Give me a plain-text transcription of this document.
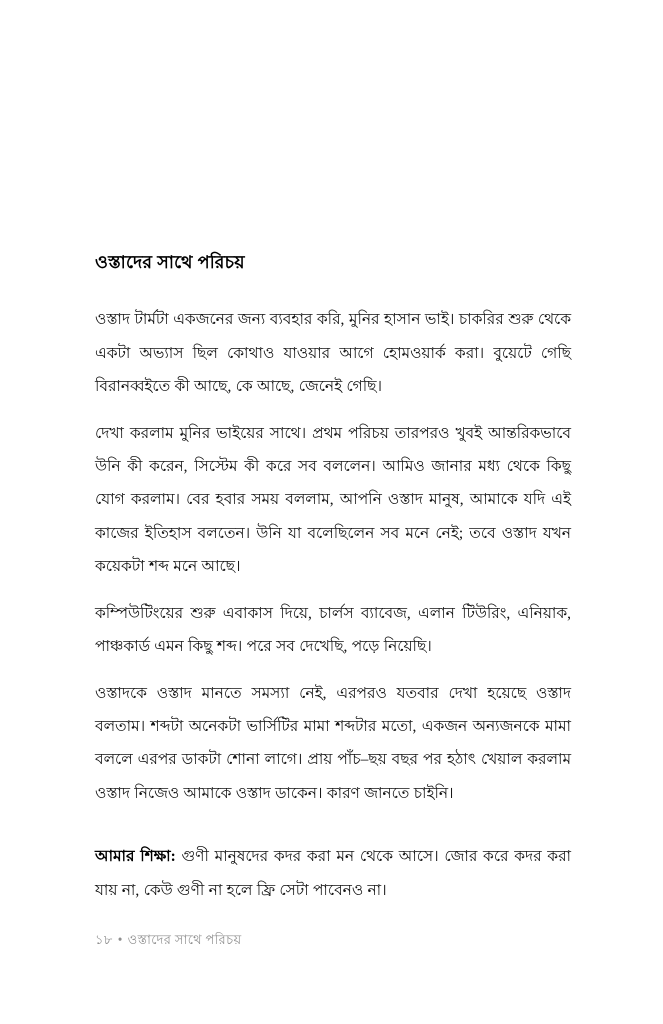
ওস্তাদের সাথে পরিচয়

ওস্তাদ টার্মটা একজনের জন্য ব্যবহার করি, মুনির হাসান ভাই। চাকরির শুরু থেকে একটা অভ্যাস ছিল কোথাও যাওয়ার আগে হোমওয়ার্ক করা। বুয়েটে গেছি বিরানব্বইতে কী আছে, কে আছে, জেনেই গেছি।

দেখা করলাম মুনির ভাইয়ের সাথে। প্রথম পরিচয় তারপরও খুবই আন্তরিকভাবে উনি কী করেন, সিস্টেম কী করে সব বললেন। আমিও জানার মধ্য থেকে কিছু যোগ করলাম। বের হবার সময় বললাম, আপনি ওস্তাদ মানুষ, আমাকে যদি এই কাজের ইতিহাস বলতেন। উনি যা বলেছিলেন সব মনে নেই; তবে ওস্তাদ যখন কয়েকটা শব্দ মনে আছে।

কম্পিউটিংয়ের শুরু এবাকাস দিয়ে, চার্লস ব্যাবেজ, এলান টিউরিং, এনিয়াক, পাঞ্চকার্ড এমন কিছু শব্দ। পরে সব দেখেছি, পড়ে নিয়েছি।

ওস্তাদকে ওস্তাদ মানতে সমস্যা নেই, এরপরও যতবার দেখা হয়েছে ওস্তাদ বলতাম। শব্দটা অনেকটা ভার্সিটির মামা শব্দটার মতো, একজন অন্যজনকে মামা বললে এরপর ডাকটা শোনা লাগে। প্রায় পাঁচ–ছয় বছর পর হঠাৎ খেয়াল করলাম ওস্তাদ নিজেও আমাকে ওস্তাদ ডাকেন। কারণ জানতে চাইনি।

আমার শিক্ষা: গুণী মানুষদের কদর করা মন থেকে আসে। জোর করে কদর করা যায় না, কেউ গুণী না হলে ফ্রি সেটা পাবেনও না।

১৮ • ওস্তাদের সাথে পরিচয়
